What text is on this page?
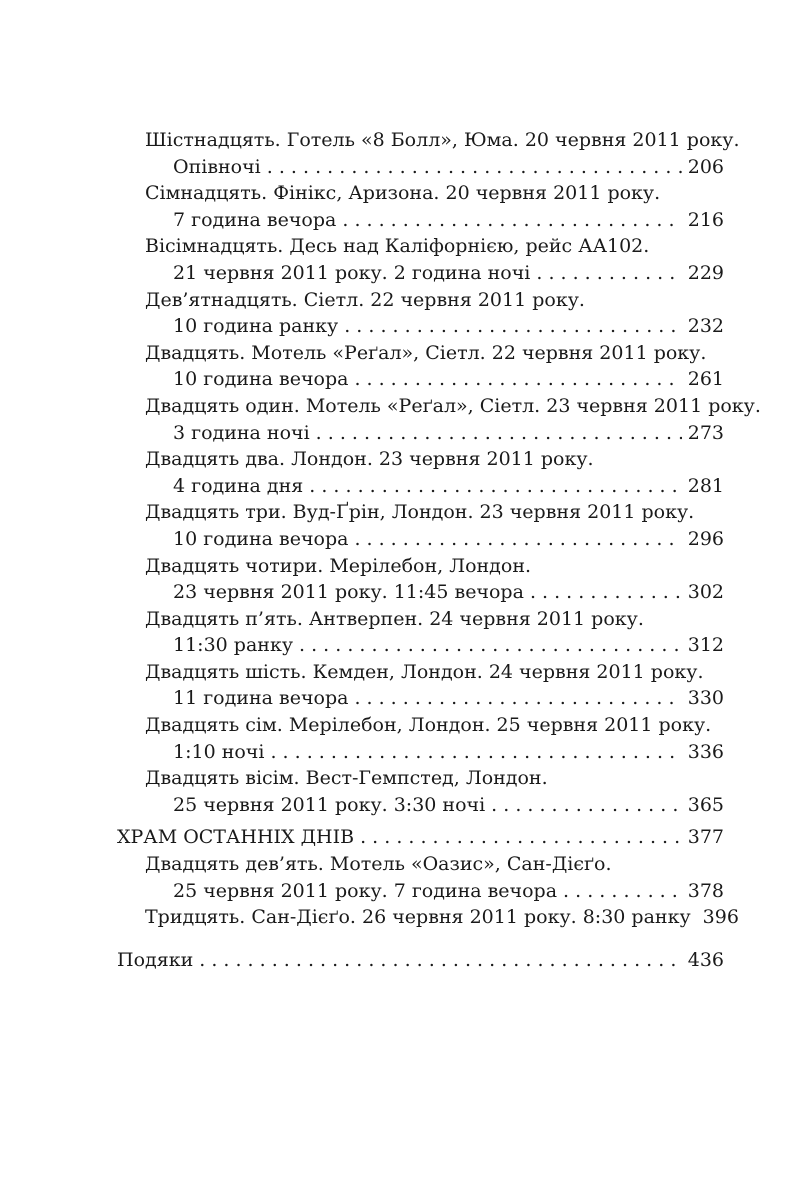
Шістнадцять. Готель «8 Болл», Юма. 20 червня 2011 року.
Опівночі . . .	206
Сімнадцять. Фінікс, Аризона. 20 червня 2011 року.
7 година вечора . . .	216
Вісімнадцять. Десь над Каліфорнією, рейс АА102.
21 червня 2011 року. 2 година ночі . . .	229
Дев’ятнадцять. Сіетл. 22 червня 2011 року.
10 година ранку . . .	232
Двадцять. Мотель «Реґал», Сіетл. 22 червня 2011 року.
10 година вечора . . .	261
Двадцять один. Мотель «Реґал», Сіетл. 23 червня 2011 року.
3 година ночі . . .	273
Двадцять два. Лондон. 23 червня 2011 року.
4 година дня . . .	281
Двадцять три. Вуд-Ґрін, Лондон. 23 червня 2011 року.
10 година вечора . . .	296
Двадцять чотири. Мерілебон, Лондон.
23 червня 2011 року. 11:45 вечора . . .	302
Двадцять п’ять. Антверпен. 24 червня 2011 року.
11:30 ранку . . .	312
Двадцять шість. Кемден, Лондон. 24 червня 2011 року.
11 година вечора . . .	330
Двадцять сім. Мерілебон, Лондон. 25 червня 2011 року.
1:10 ночі . . .	336
Двадцять вісім. Вест-Гемпстед, Лондон.
25 червня 2011 року. 3:30 ночі . . .	365
ХРАМ ОСТАННІХ ДНІВ . . .	377
Двадцять дев’ять. Мотель «Оазис», Сан-Дієґо.
25 червня 2011 року. 7 година вечора . . .	378
Тридцять. Сан-Дієґо. 26 червня 2011 року. 8:30 ранку 396
Подяки . . .	436
